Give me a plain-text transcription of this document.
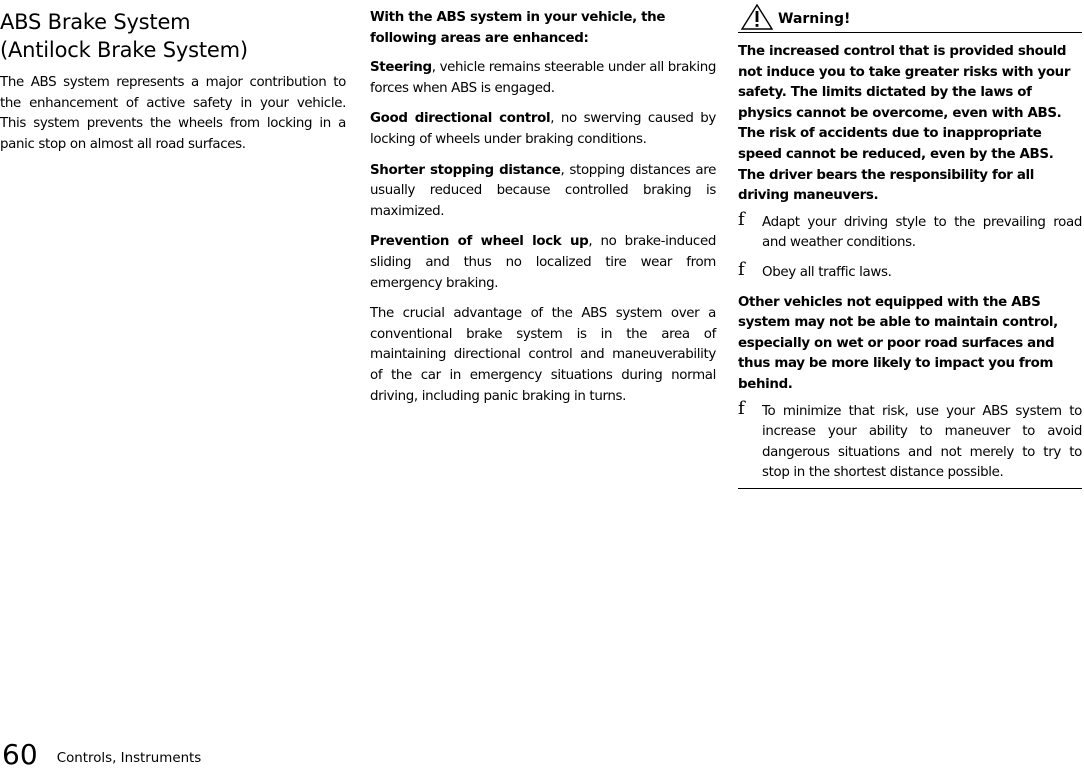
ABS Brake System
(Antilock Brake System)

The ABS system represents a major contribution to the enhancement of active safety in your vehicle. This system prevents the wheels from locking in a panic stop on almost all road surfaces.

With the ABS system in your vehicle, the following areas are enhanced:

Steering, vehicle remains steerable under all braking forces when ABS is engaged.

Good directional control, no swerving caused by locking of wheels under braking conditions.

Shorter stopping distance, stopping distances are usually reduced because controlled braking is maximized.

Prevention of wheel lock up, no brake-induced sliding and thus no localized tire wear from emergency braking.

The crucial advantage of the ABS system over a conventional brake system is in the area of maintaining directional control and maneuverability of the car in emergency situations during normal driving, including panic braking in turns.

Warning!

The increased control that is provided should not induce you to take greater risks with your safety. The limits dictated by the laws of physics cannot be overcome, even with ABS. The risk of accidents due to inappropriate speed cannot be reduced, even by the ABS. The driver bears the responsibility for all driving maneuvers.

f Adapt your driving style to the prevailing road and weather conditions.
f Obey all traffic laws.

Other vehicles not equipped with the ABS system may not be able to maintain control, especially on wet or poor road surfaces and thus may be more likely to impact you from behind.

f To minimize that risk, use your ABS system to increase your ability to maneuver to avoid dangerous situations and not merely to try to stop in the shortest distance possible.
60 Controls, Instruments
